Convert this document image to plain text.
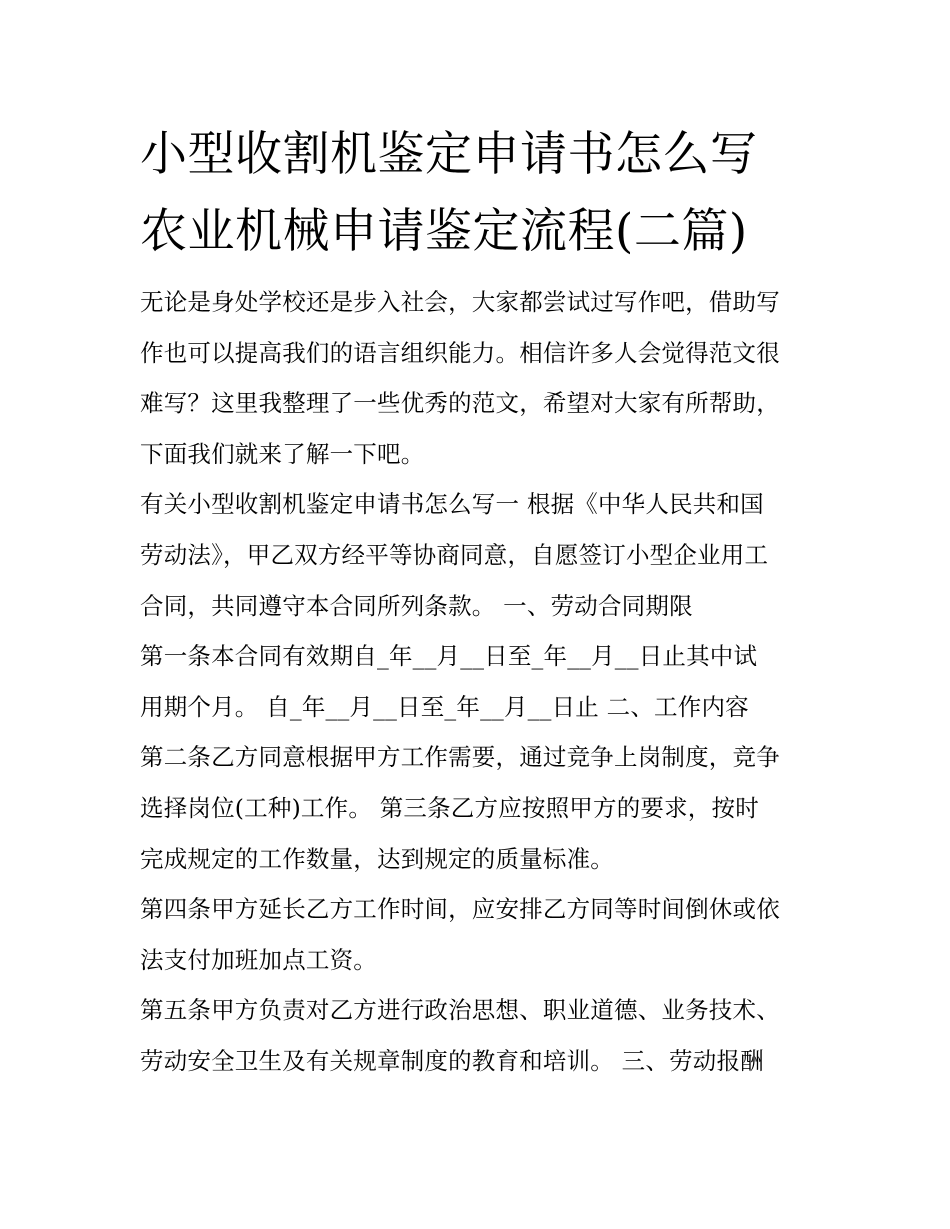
小型收割机鉴定申请书怎么写
农业机械申请鉴定流程(二篇)
无论是身处学校还是步入社会，大家都尝试过写作吧，借助写
作也可以提高我们的语言组织能力。相信许多人会觉得范文很
难写？这里我整理了一些优秀的范文，希望对大家有所帮助，
下面我们就来了解一下吧。
有关小型收割机鉴定申请书怎么写一 根据《中华人民共和国
劳动法》，甲乙双方经平等协商同意，自愿签订小型企业用工
合同，共同遵守本合同所列条款。 一、劳动合同期限
第一条本合同有效期自_年__月__日至_年__月__日止其中试
用期个月。 自_年__月__日至_年__月__日止 二、工作内容
第二条乙方同意根据甲方工作需要，通过竞争上岗制度，竞争
选择岗位(工种)工作。 第三条乙方应按照甲方的要求，按时
完成规定的工作数量，达到规定的质量标准。
第四条甲方延长乙方工作时间，应安排乙方同等时间倒休或依
法支付加班加点工资。
第五条甲方负责对乙方进行政治思想、职业道德、业务技术、
劳动安全卫生及有关规章制度的教育和培训。 三、劳动报酬
